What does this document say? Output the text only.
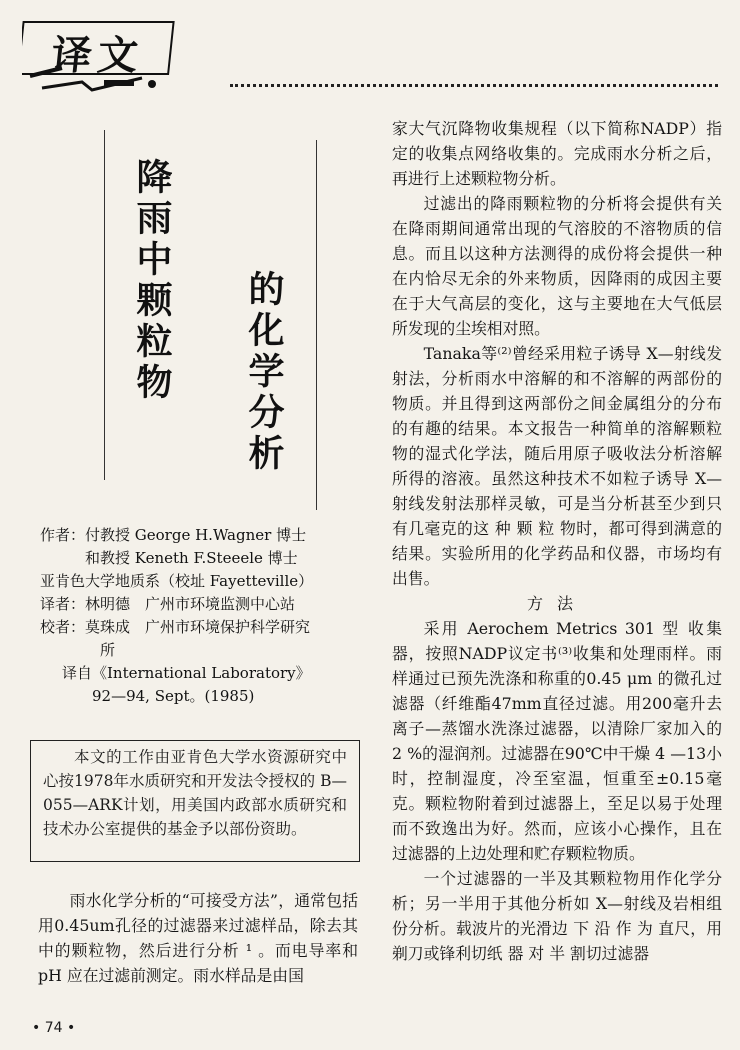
译文
降雨中颗粒物 的化学分析
作者：付教授 George H.Wagner 博士
和教授 Keneth F.Steeele 博士
亚肯色大学地质系（校址 Fayetteville）
译者：林明德　广州市环境监测中心站
校者：莫珠成　广州市环境保护科学研究
所
译自《International Laboratory》
92—94, Sept。(1985)
本文的工作由亚肯色大学水资源研究中心按1978年水质研究和开发法令授权的 B—055—ARK计划，用美国内政部水质研究和技术办公室提供的基金予以部份资助。

雨水化学分析的“可接受方法”，通常包括用0.45um孔径的过滤器来过滤样品，除去其中的颗粒物，然后进行分析 ¹ 。而电导率和pH 应在过滤前测定。雨水样品是由国

家大气沉降物收集规程（以下简称NADP）指定的收集点网络收集的。完成雨水分析之后，再进行上述颗粒物分析。

过滤出的降雨颗粒物的分析将会提供有关在降雨期间通常出现的气溶胶的不溶物质的信息。而且以这种方法测得的成份将会提供一种在内恰尽无余的外来物质，因降雨的成因主要在于大气高层的变化，这与主要地在大气低层所发现的尘埃相对照。

Tanaka等⁽²⁾曾经采用粒子诱导 X—射线发射法，分析雨水中溶解的和不溶解的两部份的物质。并且得到这两部份之间金属组分的分布的有趣的结果。本文报告一种简单的溶解颗粒物的湿式化学法，随后用原子吸收法分析溶解所得的溶液。虽然这种技术不如粒子诱导 X—射线发射法那样灵敏，可是当分析甚至少到只有几毫克的这 种 颗 粒 物时，都可得到满意的结果。实验所用的化学药品和仪器，市场均有出售。

方法

采用 Aerochem Metrics 301 型 收集器，按照NADP议定书⁽³⁾收集和处理雨样。雨样通过已预先洗涤和称重的0.45 μm 的微孔过滤器（纤维酯47mm直径过滤。用200毫升去离子—蒸馏水洗涤过滤器，以清除厂家加入的 2 %的湿润剂。过滤器在90℃中干燥 4 —13小时，控制湿度，冷至室温，恒重至±0.15毫克。颗粒物附着到过滤器上，至足以易于处理而不致逸出为好。然而，应该小心操作，且在过滤器的上边处理和贮存颗粒物质。

一个过滤器的一半及其颗粒物用作化学分析；另一半用于其他分析如 X—射线及岩相组份分析。载波片的光滑边 下 沿 作 为 直尺，用剃刀或锋利切纸 器 对 半 割切过滤器

• 74 •
